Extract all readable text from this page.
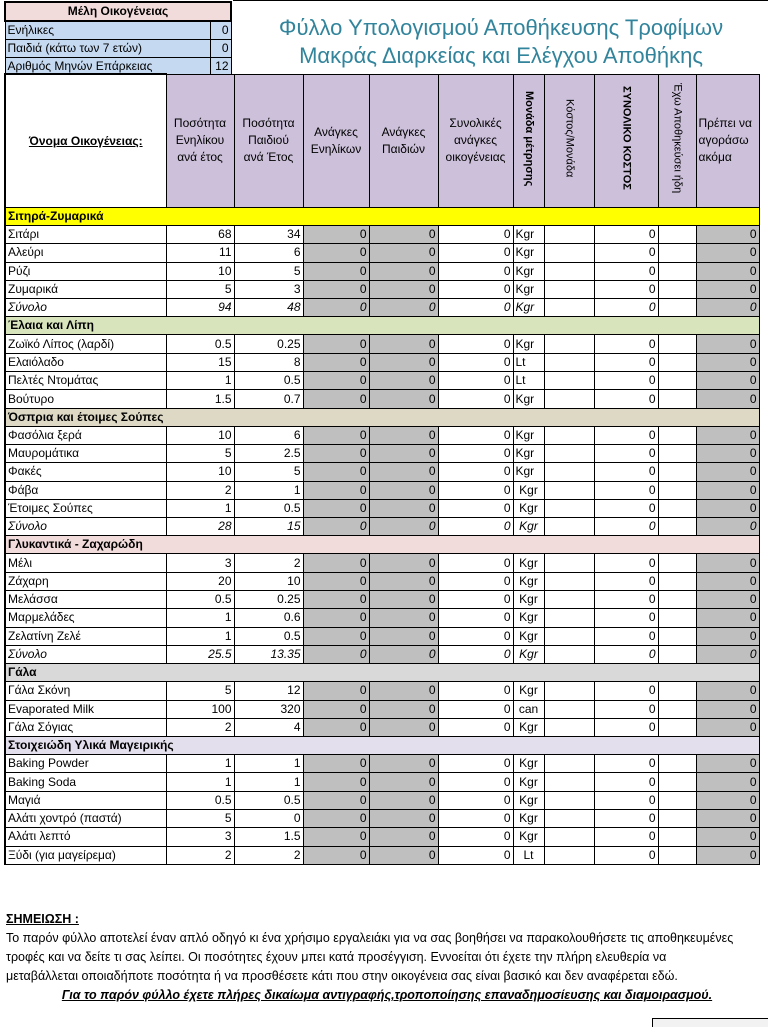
Μέλη Οικογένειας	
Ενήλικες	0
Παιδιά (κάτω των 7 ετών)	0
Αριθμός Μηνών Επάρκειας	12
Φύλλο Υπολογισμού Αποθήκευσης Τροφίμων
Μακράς Διαρκείας και Ελέγχου Αποθήκης
Όνομα Οικογένειας:	Ποσότητα Ενηλίκου ανά έτος	Ποσότητα Παιδιού ανά Έτος	Ανάγκες Ενηλίκων	Ανάγκες Παιδιών	Συνολικές ανάγκες οικογένειας	Μονάδα μέτρησης	Κόστος/Μονάδα	ΣΥΝΟΛΙΚΟ ΚΟΣΤΟΣ	Έχω Αποθηκεύσει ήδη	Πρέπει να αγοράσω ακόμα
Σιτηρά-Ζυμαρικά										
Σιτάρι	68	34	0	0	0	Kgr		0		0
Αλεύρι	11	6	0	0	0	Kgr		0		0
Ρύζι	10	5	0	0	0	Kgr		0		0
Ζυμαρικά	5	3	0	0	0	Kgr		0		0
Σύνολο	94	48	0	0	0	Kgr		0		0
Έλαια και Λίπη										
Ζωϊκό Λίπος (λαρδί)	0.5	0.25	0	0	0	Kgr		0		0
Ελαιόλαδο	15	8	0	0	0	Lt		0		0
Πελτές Ντομάτας	1	0.5	0	0	0	Lt		0		0
Βούτυρο	1.5	0.7	0	0	0	Kgr		0		0
Όσπρια και έτοιμες Σούπες										
Φασόλια ξερά	10	6	0	0	0	Kgr		0		0
Μαυρομάτικα	5	2.5	0	0	0	Kgr		0		0
Φακές	10	5	0	0	0	Kgr		0		0
Φάβα	2	1	0	0	0	Kgr		0		0
Έτοιμες Σούπες	1	0.5	0	0	0	Kgr		0		0
Σύνολο	28	15	0	0	0	Kgr		0		0
Γλυκαντικά - Ζαχαρώδη										
Μέλι	3	2	0	0	0	Kgr		0		0
Ζάχαρη	20	10	0	0	0	Kgr		0		0
Μελάσσα	0.5	0.25	0	0	0	Kgr		0		0
Μαρμελάδες	1	0.6	0	0	0	Kgr		0		0
Ζελατίνη Ζελέ	1	0.5	0	0	0	Kgr		0		0
Σύνολο	25.5	13.35	0	0	0	Kgr		0		0
Γάλα										
Γάλα Σκόνη	5	12	0	0	0	Kgr		0		0
Evaporated Milk	100	320	0	0	0	can		0		0
Γάλα Σόγιας	2	4	0	0	0	Kgr		0		0
Στοιχειώδη Υλικά Μαγειρικής										
Baking Powder	1	1	0	0	0	Kgr		0		0
Baking Soda	1	1	0	0	0	Kgr		0		0
Μαγιά	0.5	0.5	0	0	0	Kgr		0		0
Αλάτι χοντρό (παστά)	5	0	0	0	0	Kgr		0		0
Αλάτι λεπτό	3	1.5	0	0	0	Kgr		0		0
Ξύδι (για μαγείρεμα)	2	2	0	0	0	Lt		0		0
ΣΗΜΕΙΩΣΗ :
Το παρόν φύλλο αποτελεί έναν απλό οδηγό κι ένα χρήσιμο εργαλειάκι για να σας βοηθήσει να παρακολουθήσετε τις αποθηκευμένες
τροφές και να δείτε τι σας λείπει. Οι ποσότητες έχουν μπει κατά προσέγγιση. Εννοείται ότι έχετε την πλήρη ελευθερία να
μεταβάλλεται οποιαδήποτε ποσότητα ή να προσθέσετε κάτι που στην οικογένεια σας είναι βασικό και δεν αναφέρεται εδώ.
Για το παρόν φύλλο έχετε πλήρες δικαίωμα αντιγραφής,τροποποίησης επαναδημοσίευσης και διαμοιρασμού.
